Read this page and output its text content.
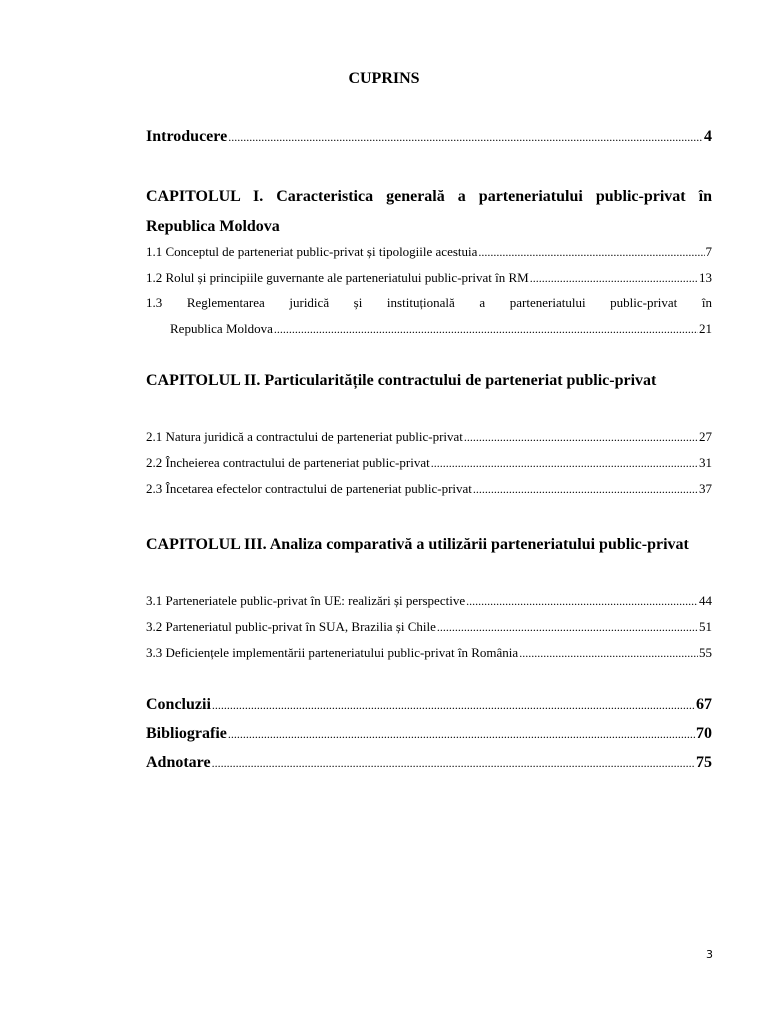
CUPRINS
Introducere .....	4
CAPITOLUL I. Caracteristica generală a parteneriatului public-privat în Republica Moldova
1.1 Conceptul de parteneriat public-privat și tipologiile acestuia .....	7
1.2 Rolul și principiile guvernante ale parteneriatului public-privat în RM .....	13
1.3 Reglementarea juridică și instituțională a parteneriatului public-privat în
Republica Moldova .....	21
CAPITOLUL II. Particularitățile contractului de parteneriat public-privat
2.1 Natura juridică a contractului de parteneriat public-privat .....	27
2.2 Încheierea contractului de parteneriat public-privat .....	31
2.3 Încetarea efectelor contractului de parteneriat public-privat .....	37
CAPITOLUL III. Analiza comparativă a utilizării parteneriatului public-privat
3.1 Parteneriatele public-privat în UE: realizări și perspective .....	44
3.2 Parteneriatul public-privat în SUA, Brazilia și Chile .....	51
3.3 Deficiențele implementării parteneriatului public-privat în România .....	55
Concluzii .....	67
Bibliografie .....	70
Adnotare .....	75
3
